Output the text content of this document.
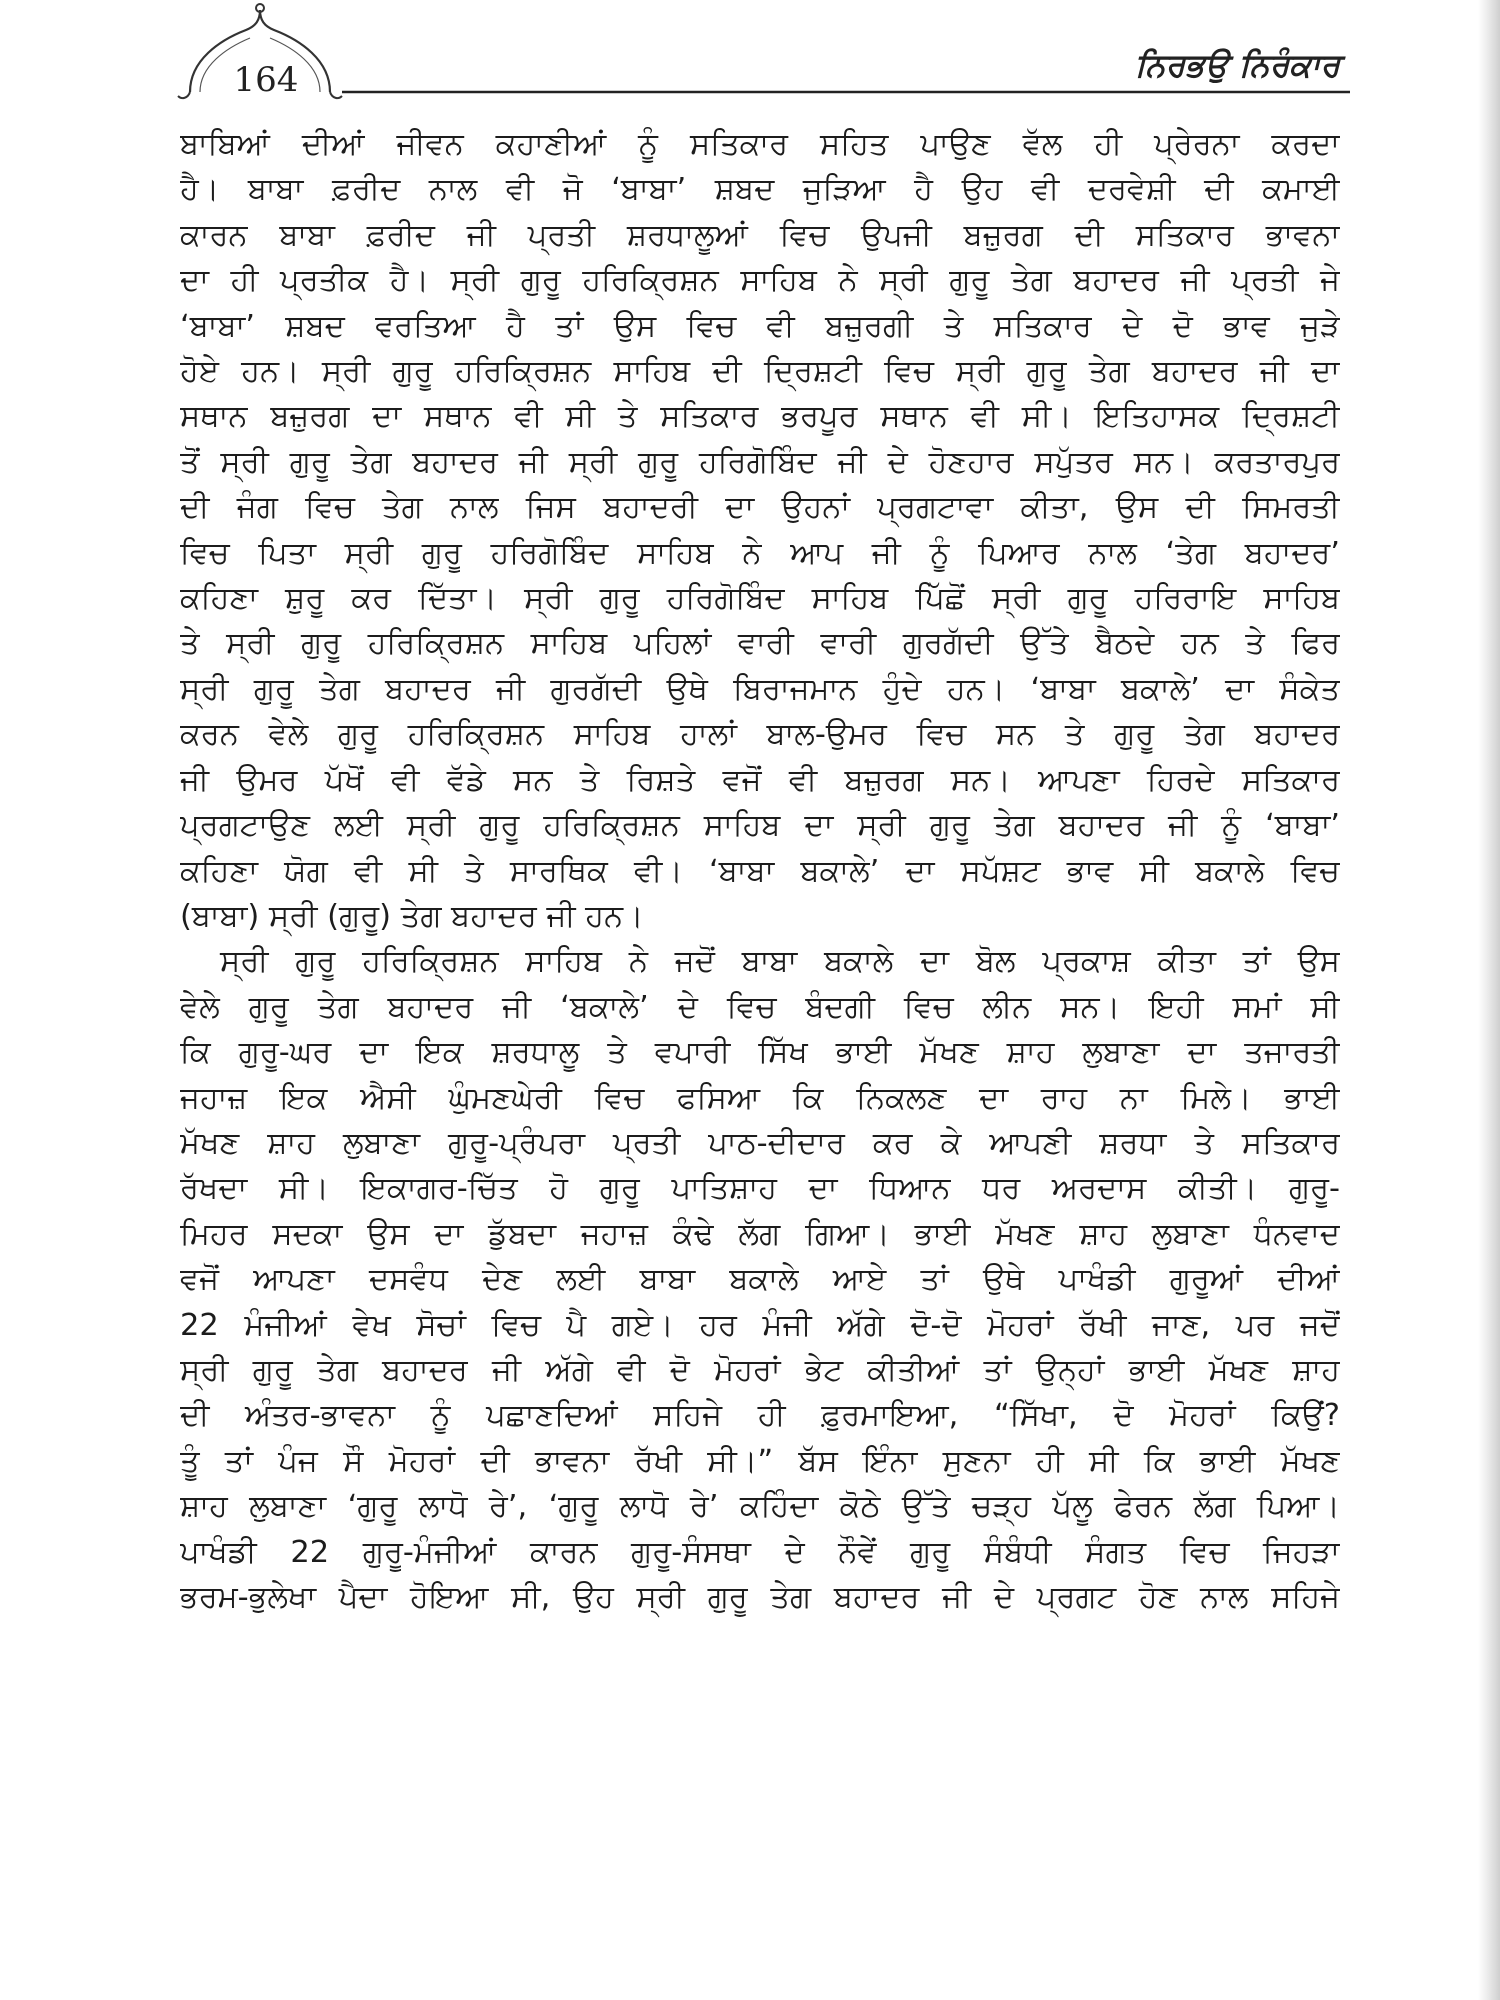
164	ਨਿਰਭਉ ਨਿਰੰਕਾਰ
ਬਾਬਿਆਂ ਦੀਆਂ ਜੀਵਨ ਕਹਾਣੀਆਂ ਨੂੰ ਸਤਿਕਾਰ ਸਹਿਤ ਪਾਉਣ ਵੱਲ ਹੀ ਪ੍ਰੇਰਨਾ ਕਰਦਾ
ਹੈ। ਬਾਬਾ ਫ਼ਰੀਦ ਨਾਲ ਵੀ ਜੋ ‘ਬਾਬਾ’ ਸ਼ਬਦ ਜੁੜਿਆ ਹੈ ਉਹ ਵੀ ਦਰਵੇਸ਼ੀ ਦੀ ਕਮਾਈ
ਕਾਰਨ ਬਾਬਾ ਫ਼ਰੀਦ ਜੀ ਪ੍ਰਤੀ ਸ਼ਰਧਾਲੂਆਂ ਵਿਚ ਉਪਜੀ ਬਜ਼ੁਰਗ ਦੀ ਸਤਿਕਾਰ ਭਾਵਨਾ
ਦਾ ਹੀ ਪ੍ਰਤੀਕ ਹੈ। ਸ੍ਰੀ ਗੁਰੂ ਹਰਿਕ੍ਰਿਸ਼ਨ ਸਾਹਿਬ ਨੇ ਸ੍ਰੀ ਗੁਰੂ ਤੇਗ ਬਹਾਦਰ ਜੀ ਪ੍ਰਤੀ ਜੇ
‘ਬਾਬਾ’ ਸ਼ਬਦ ਵਰਤਿਆ ਹੈ ਤਾਂ ਉਸ ਵਿਚ ਵੀ ਬਜ਼ੁਰਗੀ ਤੇ ਸਤਿਕਾਰ ਦੇ ਦੋ ਭਾਵ ਜੁੜੇ
ਹੋਏ ਹਨ। ਸ੍ਰੀ ਗੁਰੂ ਹਰਿਕ੍ਰਿਸ਼ਨ ਸਾਹਿਬ ਦੀ ਦ੍ਰਿਸ਼ਟੀ ਵਿਚ ਸ੍ਰੀ ਗੁਰੂ ਤੇਗ ਬਹਾਦਰ ਜੀ ਦਾ
ਸਥਾਨ ਬਜ਼ੁਰਗ ਦਾ ਸਥਾਨ ਵੀ ਸੀ ਤੇ ਸਤਿਕਾਰ ਭਰਪੂਰ ਸਥਾਨ ਵੀ ਸੀ। ਇਤਿਹਾਸਕ ਦ੍ਰਿਸ਼ਟੀ
ਤੋਂ ਸ੍ਰੀ ਗੁਰੂ ਤੇਗ ਬਹਾਦਰ ਜੀ ਸ੍ਰੀ ਗੁਰੂ ਹਰਿਗੋਬਿੰਦ ਜੀ ਦੇ ਹੋਣਹਾਰ ਸਪੁੱਤਰ ਸਨ। ਕਰਤਾਰਪੁਰ
ਦੀ ਜੰਗ ਵਿਚ ਤੇਗ ਨਾਲ ਜਿਸ ਬਹਾਦਰੀ ਦਾ ਉਹਨਾਂ ਪ੍ਰਗਟਾਵਾ ਕੀਤਾ, ਉਸ ਦੀ ਸਿਮਰਤੀ
ਵਿਚ ਪਿਤਾ ਸ੍ਰੀ ਗੁਰੂ ਹਰਿਗੋਬਿੰਦ ਸਾਹਿਬ ਨੇ ਆਪ ਜੀ ਨੂੰ ਪਿਆਰ ਨਾਲ ‘ਤੇਗ ਬਹਾਦਰ’
ਕਹਿਣਾ ਸ਼ੁਰੂ ਕਰ ਦਿੱਤਾ। ਸ੍ਰੀ ਗੁਰੂ ਹਰਿਗੋਬਿੰਦ ਸਾਹਿਬ ਪਿੱਛੋਂ ਸ੍ਰੀ ਗੁਰੂ ਹਰਿਰਾਇ ਸਾਹਿਬ
ਤੇ ਸ੍ਰੀ ਗੁਰੂ ਹਰਿਕ੍ਰਿਸ਼ਨ ਸਾਹਿਬ ਪਹਿਲਾਂ ਵਾਰੀ ਵਾਰੀ ਗੁਰਗੱਦੀ ਉੱਤੇ ਬੈਠਦੇ ਹਨ ਤੇ ਫਿਰ
ਸ੍ਰੀ ਗੁਰੂ ਤੇਗ ਬਹਾਦਰ ਜੀ ਗੁਰਗੱਦੀ ਉਥੇ ਬਿਰਾਜਮਾਨ ਹੁੰਦੇ ਹਨ। ‘ਬਾਬਾ ਬਕਾਲੇ’ ਦਾ ਸੰਕੇਤ
ਕਰਨ ਵੇਲੇ ਗੁਰੂ ਹਰਿਕ੍ਰਿਸ਼ਨ ਸਾਹਿਬ ਹਾਲਾਂ ਬਾਲ-ਉਮਰ ਵਿਚ ਸਨ ਤੇ ਗੁਰੂ ਤੇਗ ਬਹਾਦਰ
ਜੀ ਉਮਰ ਪੱਖੋਂ ਵੀ ਵੱਡੇ ਸਨ ਤੇ ਰਿਸ਼ਤੇ ਵਜੋਂ ਵੀ ਬਜ਼ੁਰਗ ਸਨ। ਆਪਣਾ ਹਿਰਦੇ ਸਤਿਕਾਰ
ਪ੍ਰਗਟਾਉਣ ਲਈ ਸ੍ਰੀ ਗੁਰੂ ਹਰਿਕ੍ਰਿਸ਼ਨ ਸਾਹਿਬ ਦਾ ਸ੍ਰੀ ਗੁਰੂ ਤੇਗ ਬਹਾਦਰ ਜੀ ਨੂੰ ‘ਬਾਬਾ’
ਕਹਿਣਾ ਯੋਗ ਵੀ ਸੀ ਤੇ ਸਾਰਥਿਕ ਵੀ। ‘ਬਾਬਾ ਬਕਾਲੇ’ ਦਾ ਸਪੱਸ਼ਟ ਭਾਵ ਸੀ ਬਕਾਲੇ ਵਿਚ
(ਬਾਬਾ) ਸ੍ਰੀ (ਗੁਰੂ) ਤੇਗ ਬਹਾਦਰ ਜੀ ਹਨ।
ਸ੍ਰੀ ਗੁਰੂ ਹਰਿਕ੍ਰਿਸ਼ਨ ਸਾਹਿਬ ਨੇ ਜਦੋਂ ਬਾਬਾ ਬਕਾਲੇ ਦਾ ਬੋਲ ਪ੍ਰਕਾਸ਼ ਕੀਤਾ ਤਾਂ ਉਸ
ਵੇਲੇ ਗੁਰੂ ਤੇਗ ਬਹਾਦਰ ਜੀ ‘ਬਕਾਲੇ’ ਦੇ ਵਿਚ ਬੰਦਗੀ ਵਿਚ ਲੀਨ ਸਨ। ਇਹੀ ਸਮਾਂ ਸੀ
ਕਿ ਗੁਰੂ-ਘਰ ਦਾ ਇਕ ਸ਼ਰਧਾਲੂ ਤੇ ਵਪਾਰੀ ਸਿੱਖ ਭਾਈ ਮੱਖਣ ਸ਼ਾਹ ਲੁਬਾਣਾ ਦਾ ਤਜਾਰਤੀ
ਜਹਾਜ਼ ਇਕ ਐਸੀ ਘੁੰਮਣਘੇਰੀ ਵਿਚ ਫਸਿਆ ਕਿ ਨਿਕਲਣ ਦਾ ਰਾਹ ਨਾ ਮਿਲੇ। ਭਾਈ
ਮੱਖਣ ਸ਼ਾਹ ਲੁਬਾਣਾ ਗੁਰੂ-ਪ੍ਰੰਪਰਾ ਪ੍ਰਤੀ ਪਾਠ-ਦੀਦਾਰ ਕਰ ਕੇ ਆਪਣੀ ਸ਼ਰਧਾ ਤੇ ਸਤਿਕਾਰ
ਰੱਖਦਾ ਸੀ। ਇਕਾਗਰ-ਚਿੱਤ ਹੋ ਗੁਰੂ ਪਾਤਿਸ਼ਾਹ ਦਾ ਧਿਆਨ ਧਰ ਅਰਦਾਸ ਕੀਤੀ। ਗੁਰੂ-
ਮਿਹਰ ਸਦਕਾ ਉਸ ਦਾ ਡੁੱਬਦਾ ਜਹਾਜ਼ ਕੰਢੇ ਲੱਗ ਗਿਆ। ਭਾਈ ਮੱਖਣ ਸ਼ਾਹ ਲੁਬਾਣਾ ਧੰਨਵਾਦ
ਵਜੋਂ ਆਪਣਾ ਦਸਵੰਧ ਦੇਣ ਲਈ ਬਾਬਾ ਬਕਾਲੇ ਆਏ ਤਾਂ ਉਥੇ ਪਾਖੰਡੀ ਗੁਰੂਆਂ ਦੀਆਂ
22 ਮੰਜੀਆਂ ਵੇਖ ਸੋਚਾਂ ਵਿਚ ਪੈ ਗਏ। ਹਰ ਮੰਜੀ ਅੱਗੇ ਦੋ-ਦੋ ਮੋਹਰਾਂ ਰੱਖੀ ਜਾਣ, ਪਰ ਜਦੋਂ
ਸ੍ਰੀ ਗੁਰੂ ਤੇਗ ਬਹਾਦਰ ਜੀ ਅੱਗੇ ਵੀ ਦੋ ਮੋਹਰਾਂ ਭੇਟ ਕੀਤੀਆਂ ਤਾਂ ਉਨ੍ਹਾਂ ਭਾਈ ਮੱਖਣ ਸ਼ਾਹ
ਦੀ ਅੰਤਰ-ਭਾਵਨਾ ਨੂੰ ਪਛਾਣਦਿਆਂ ਸਹਿਜੇ ਹੀ ਫ਼ੁਰਮਾਇਆ, “ਸਿੱਖਾ, ਦੋ ਮੋਹਰਾਂ ਕਿਉਂ?
ਤੂੰ ਤਾਂ ਪੰਜ ਸੌ ਮੋਹਰਾਂ ਦੀ ਭਾਵਨਾ ਰੱਖੀ ਸੀ।” ਬੱਸ ਇੰਨਾ ਸੁਣਨਾ ਹੀ ਸੀ ਕਿ ਭਾਈ ਮੱਖਣ
ਸ਼ਾਹ ਲੁਬਾਣਾ ‘ਗੁਰੂ ਲਾਧੋ ਰੇ’, ‘ਗੁਰੂ ਲਾਧੋ ਰੇ’ ਕਹਿੰਦਾ ਕੋਠੇ ਉੱਤੇ ਚੜ੍ਹ ਪੱਲੂ ਫੇਰਨ ਲੱਗ ਪਿਆ।
ਪਾਖੰਡੀ 22 ਗੁਰੂ-ਮੰਜੀਆਂ ਕਾਰਨ ਗੁਰੂ-ਸੰਸਥਾ ਦੇ ਨੌਵੇਂ ਗੁਰੂ ਸੰਬੰਧੀ ਸੰਗਤ ਵਿਚ ਜਿਹੜਾ
ਭਰਮ-ਭੁਲੇਖਾ ਪੈਦਾ ਹੋਇਆ ਸੀ, ਉਹ ਸ੍ਰੀ ਗੁਰੂ ਤੇਗ ਬਹਾਦਰ ਜੀ ਦੇ ਪ੍ਰਗਟ ਹੋਣ ਨਾਲ ਸਹਿਜੇ
